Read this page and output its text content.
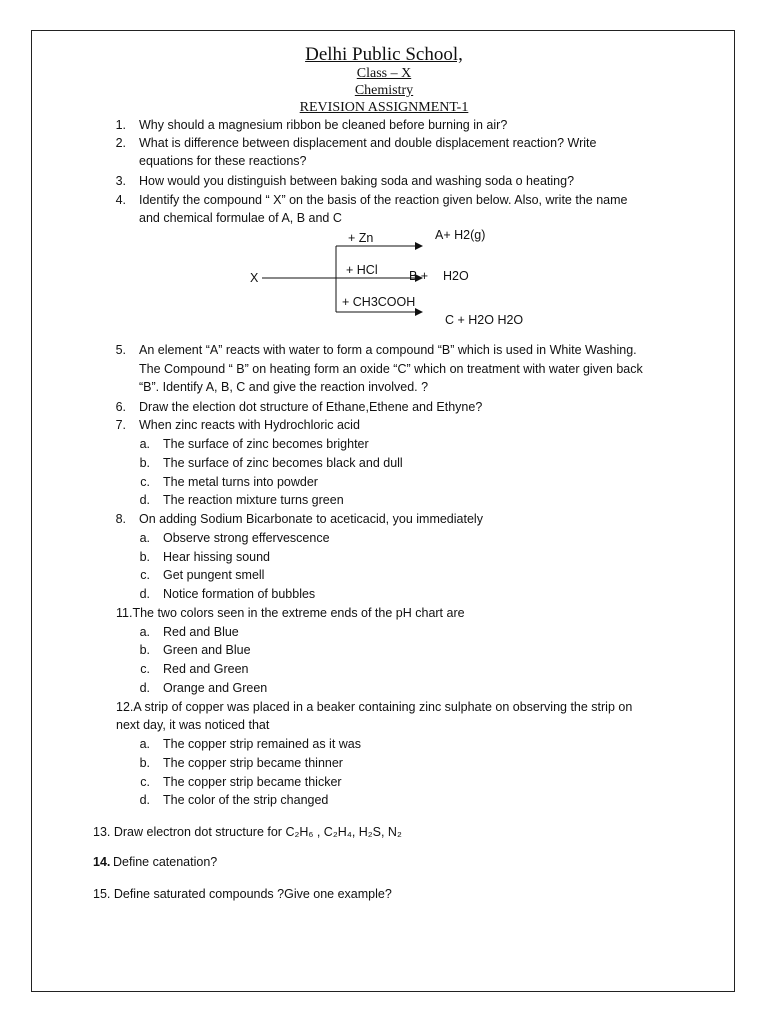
Delhi Public School,
Class – X
Chemistry
REVISION ASSIGNMENT-1
1. Why should a magnesium ribbon be cleaned before burning in air?
2. What is difference between displacement and double displacement reaction? Write
equations for these reactions?
3. How would you distinguish between baking soda and washing soda o heating?
4. Identify the compound “ X” on the basis of the reaction given below. Also, write the name
and chemical formulae of A, B and C
X
+ Zn	A+ H2(g)
+ HCl	B + H2O
+ CH3COOH
C + H2O H2O
5. An element “A” reacts with water to form a compound “B” which is used in White Washing.
The Compound “ B” on heating form an oxide “C” which on treatment with water given back
“B”. Identify A, B, C and give the reaction involved. ?
6. Draw the election dot structure of Ethane,Ethene and Ethyne?
7. When zinc reacts with Hydrochloric acid
a. The surface of zinc becomes brighter
b. The surface of zinc becomes black and dull
c. The metal turns into powder
d. The reaction mixture turns green
8. On adding Sodium Bicarbonate to aceticacid, you immediately
a. Observe strong effervescence
b. Hear hissing sound
c. Get pungent smell
d. Notice formation of bubbles
11.The two colors seen in the extreme ends of the pH chart are
a. Red and Blue
b. Green and Blue
c. Red and Green
d. Orange and Green
12.A strip of copper was placed in a beaker containing zinc sulphate on observing the strip on
next day, it was noticed that
a. The copper strip remained as it was
b. The copper strip became thinner
c. The copper strip became thicker
d. The color of the strip changed
13. Draw electron dot structure for C₂H₆ , C₂H₄, H₂S, N₂
14. Define catenation?
15. Define saturated compounds ?Give one example?
